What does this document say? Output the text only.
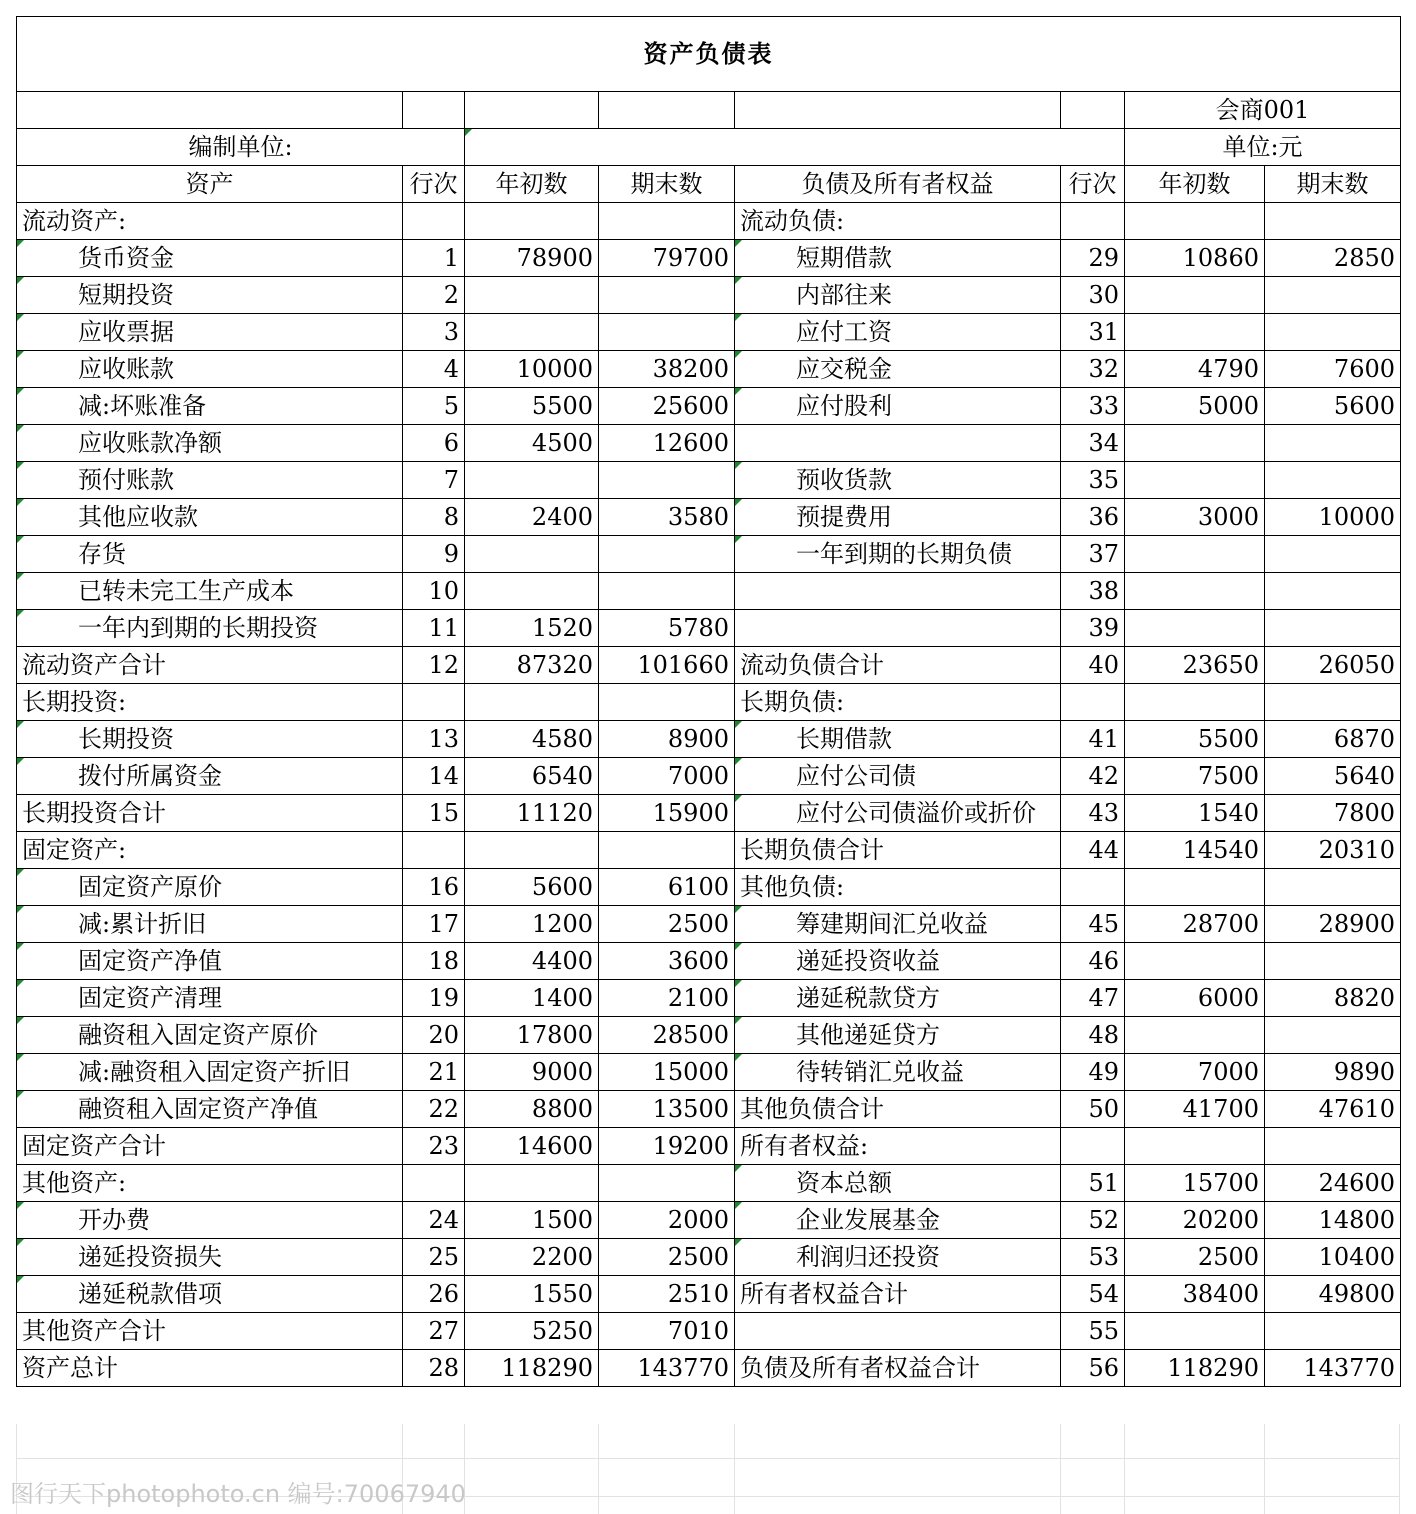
资产负债表							
						会商001	
编制单位:						单位:元	
资产	行次	年初数	期末数	负债及所有者权益	行次	年初数	期末数
流动资产:				流动负债:			
货币资金	1	78900	79700	短期借款	29	10860	2850
短期投资	2			内部往来	30		
应收票据	3			应付工资	31		
应收账款	4	10000	38200	应交税金	32	4790	7600
减:坏账准备	5	5500	25600	应付股利	33	5000	5600
应收账款净额	6	4500	12600		34		
预付账款	7			预收货款	35		
其他应收款	8	2400	3580	预提费用	36	3000	10000
存货	9			一年到期的长期负债	37		
已转未完工生产成本	10				38		
一年内到期的长期投资	11	1520	5780		39		
流动资产合计	12	87320	101660	流动负债合计	40	23650	26050
长期投资:				长期负债:			
长期投资	13	4580	8900	长期借款	41	5500	6870
拨付所属资金	14	6540	7000	应付公司债	42	7500	5640
长期投资合计	15	11120	15900	应付公司债溢价或折价	43	1540	7800
固定资产:				长期负债合计	44	14540	20310
固定资产原价	16	5600	6100	其他负债:			
减:累计折旧	17	1200	2500	筹建期间汇兑收益	45	28700	28900
固定资产净值	18	4400	3600	递延投资收益	46		
固定资产清理	19	1400	2100	递延税款贷方	47	6000	8820
融资租入固定资产原价	20	17800	28500	其他递延贷方	48		
减:融资租入固定资产折旧	21	9000	15000	待转销汇兑收益	49	7000	9890
融资租入固定资产净值	22	8800	13500	其他负债合计	50	41700	47610
固定资产合计	23	14600	19200	所有者权益:			
其他资产:				资本总额	51	15700	24600
开办费	24	1500	2000	企业发展基金	52	20200	14800
递延投资损失	25	2200	2500	利润归还投资	53	2500	10400
递延税款借项	26	1550	2510	所有者权益合计	54	38400	49800
其他资产合计	27	5250	7010		55		
资产总计	28	118290	143770	负债及所有者权益合计	56	118290	143770
图行天下photophoto.cn 编号:70067940
